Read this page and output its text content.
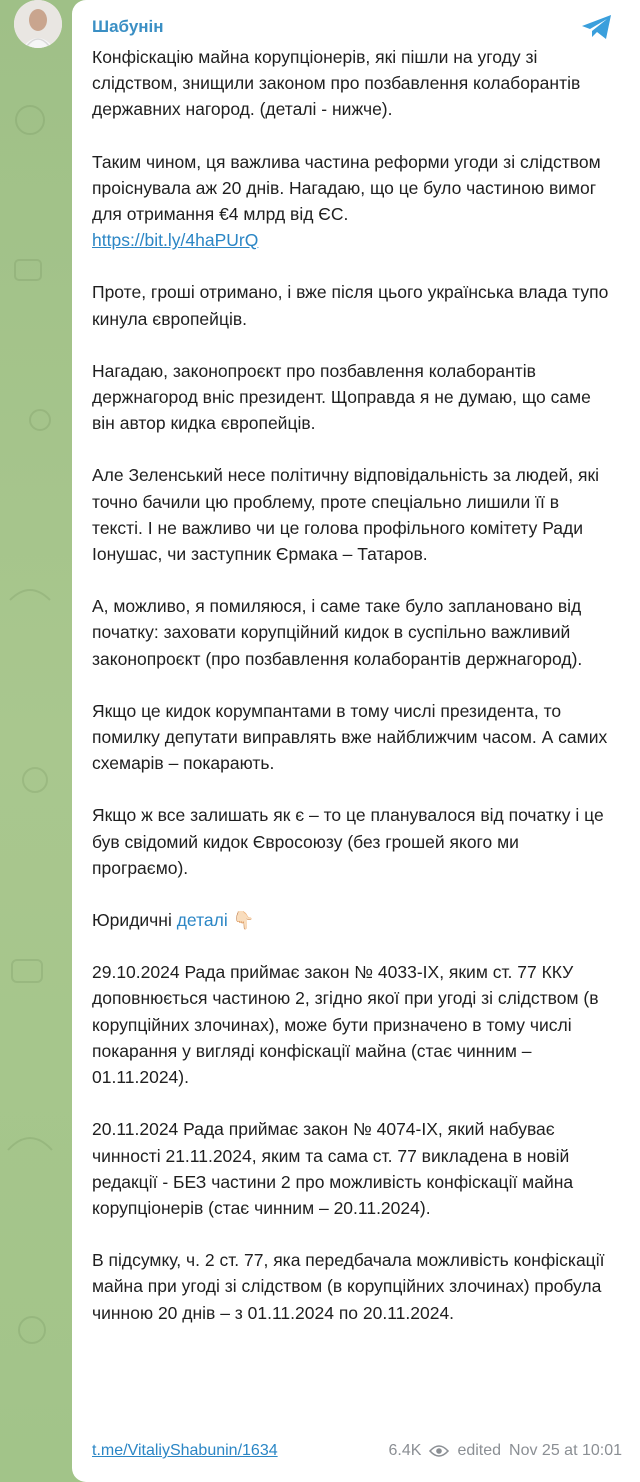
Шабунін

Конфіскацію майна корупціонерів, які пішли на угоду зі слідством, знищили законом про позбавлення колаборантів державних нагород. (деталі - нижче).

Таким чином, ця важлива частина реформи угоди зі слідством проіснувала аж 20 днів. Нагадаю, що це було частиною вимог для отримання €4 млрд від ЄС.
https://bit.ly/4haPUrQ

Проте, гроші отримано, і вже після цього українська влада тупо кинула європейців.

Нагадаю, законопроєкт про позбавлення колаборантів держнагород вніс президент. Щоправда я не думаю, що саме він автор кидка європейців.

Але Зеленський несе політичну відповідальність за людей, які точно бачили цю проблему, проте спеціально лишили її в тексті. І не важливо чи це голова профільного комітету Ради Іонушас, чи заступник Єрмака – Татаров.

А, можливо, я помиляюся, і саме таке було заплановано від початку: заховати корупційний кидок в суспільно важливий законопроєкт (про позбавлення колаборантів держнагород).

Якщо це кидок корумпантами в тому числі президента, то помилку депутати виправлять вже найближчим часом. А самих схемарів – покарають.

Якщо ж все залишать як є – то це планувалося від початку і це був свідомий кидок Євросоюзу (без грошей якого ми програємо).

Юридичні деталі 👇🏻

29.10.2024 Рада приймає закон № 4033-IX, яким ст. 77 ККУ доповнюється частиною 2, згідно якої при угоді зі слідством (в корупційних злочинах), може бути призначено в тому числі покарання у вигляді конфіскації майна (стає чинним – 01.11.2024).

20.11.2024 Рада приймає закон № 4074-IX, який набуває чинності 21.11.2024, яким та сама ст. 77 викладена в новій редакції - БЕЗ частини 2 про можливість конфіскації майна корупціонерів (стає чинним – 20.11.2024).

В підсумку, ч. 2 ст. 77, яка передбачала можливість конфіскації майна при угоді зі слідством (в корупційних злочинах) пробула чинною 20 днів – з 01.11.2024 по 20.11.2024.

t.me/VitaliyShabunin/1634	6.4K edited Nov 25 at 10:01
